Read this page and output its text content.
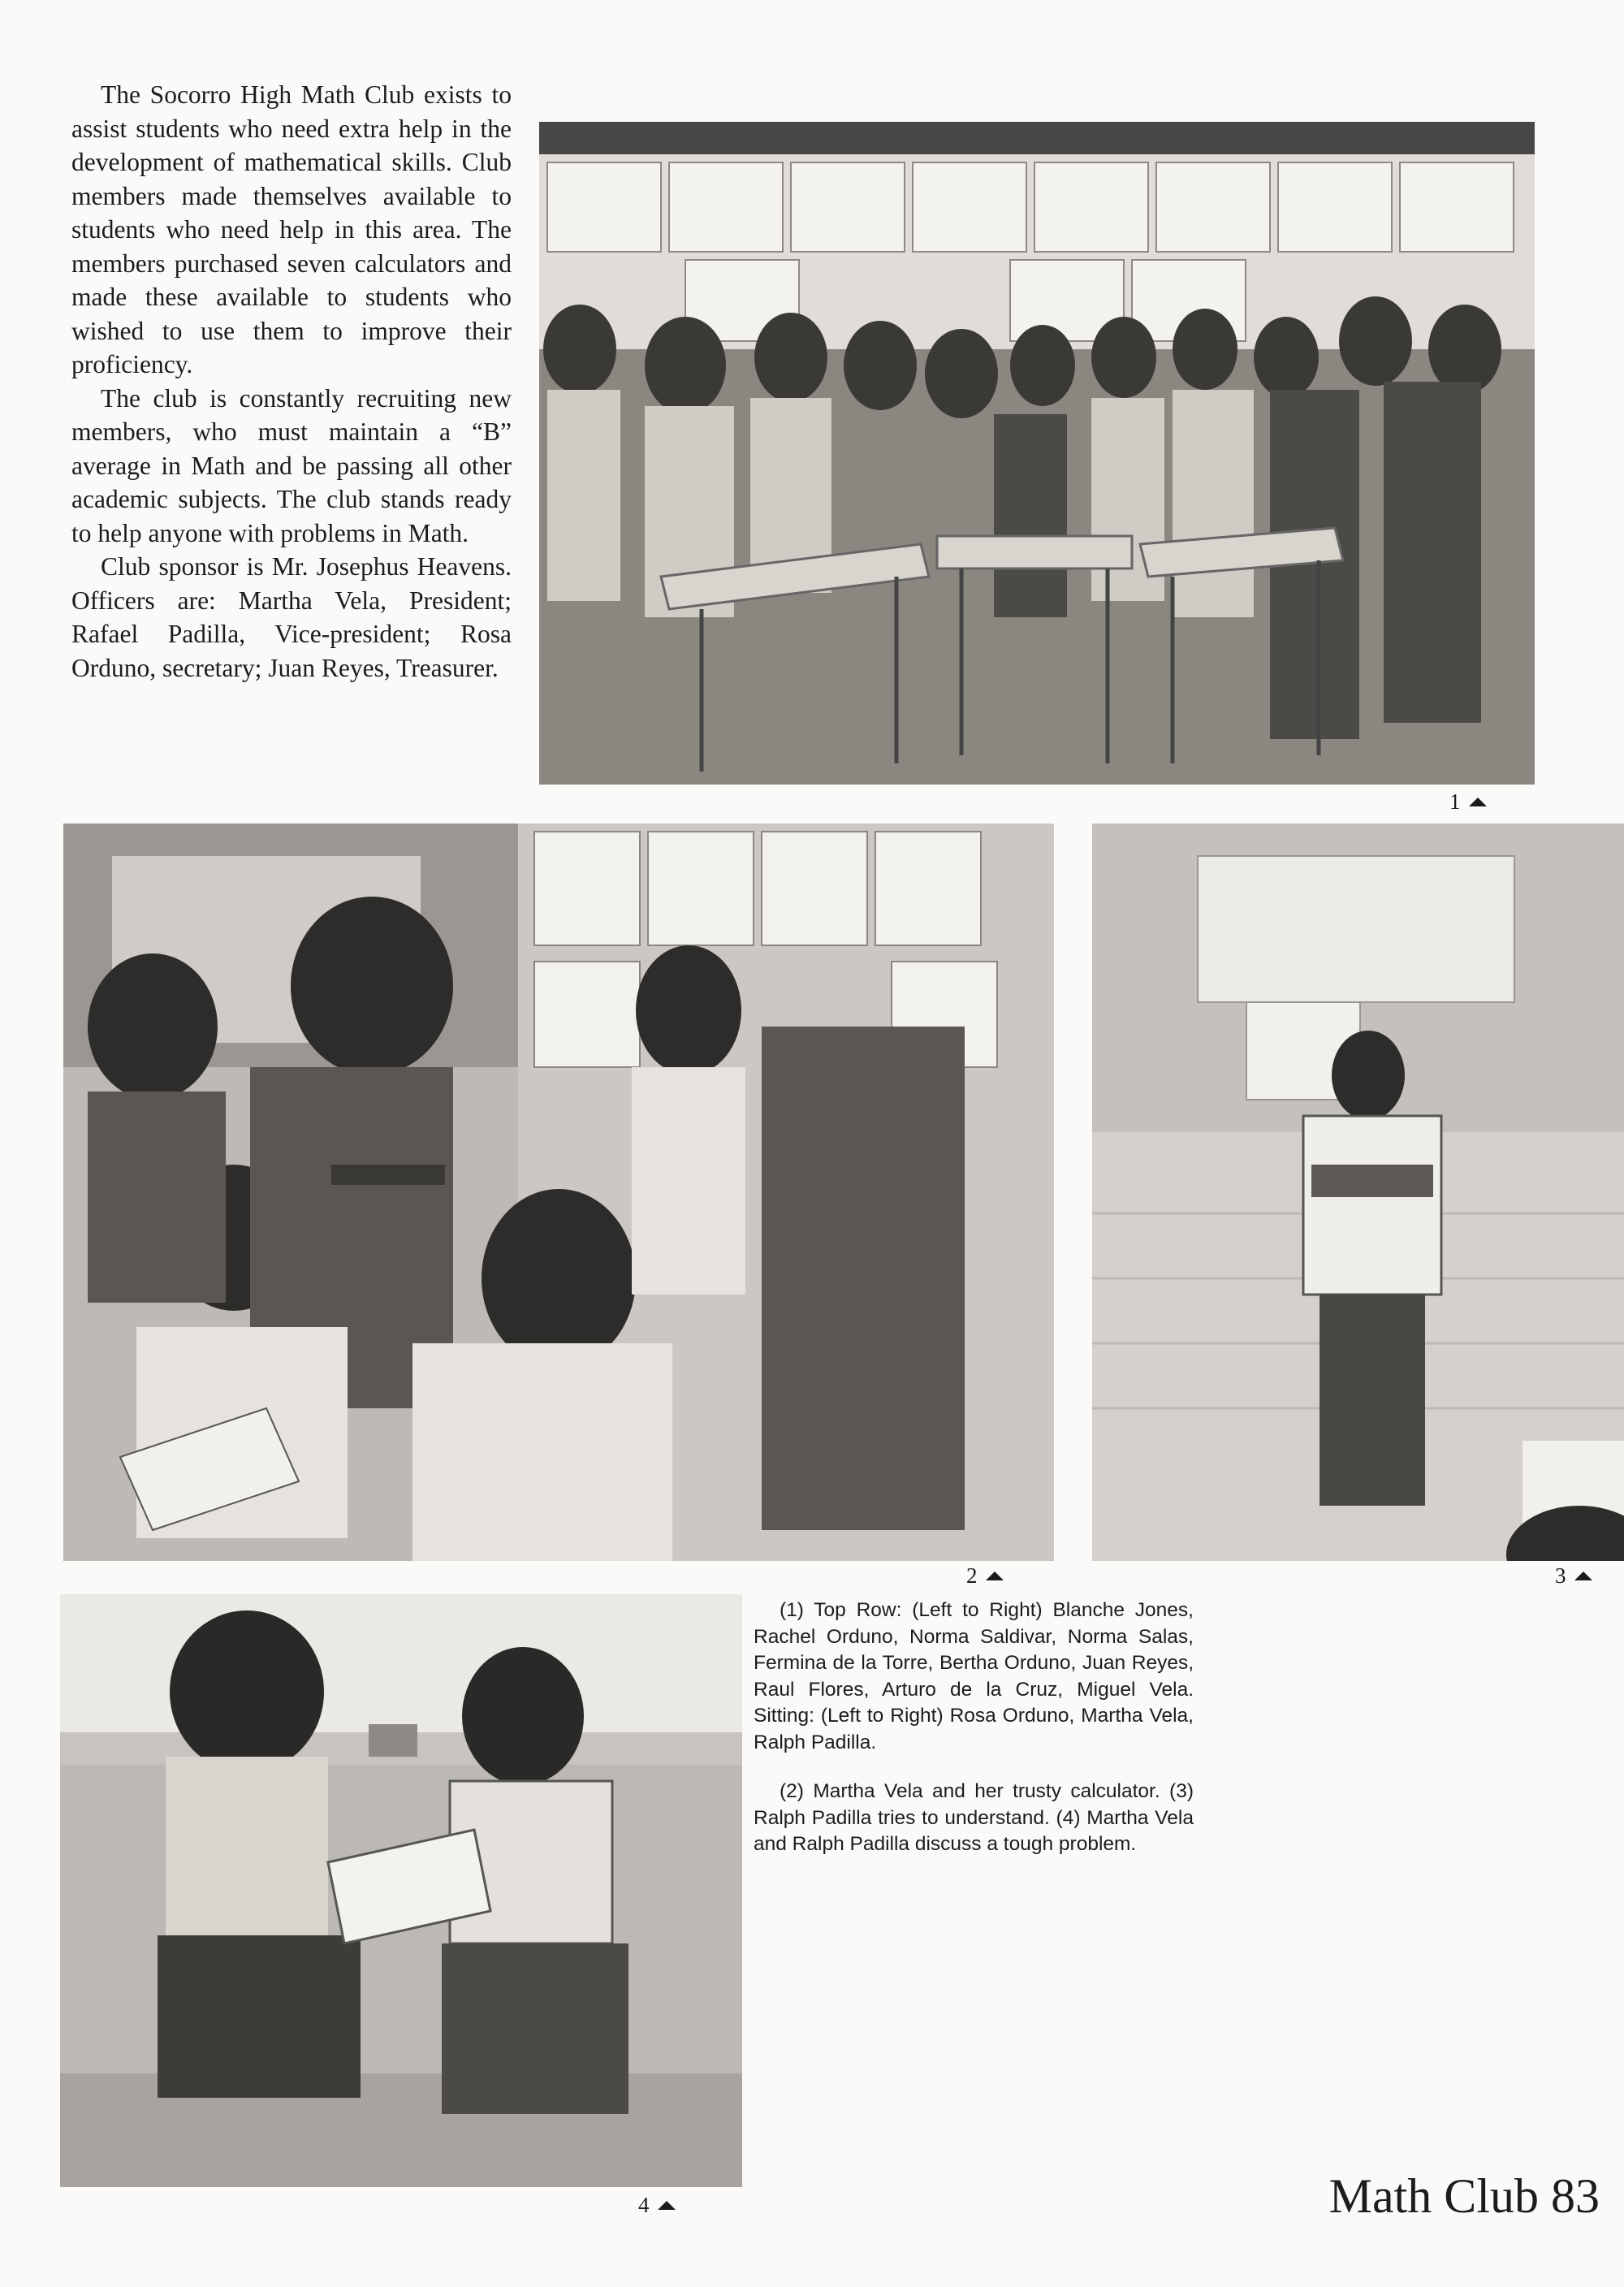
The Socorro High Math Club exists to assist students who need extra help in the development of mathematical skills. Club members made themselves available to students who need help in this area. The members purchased seven calculators and made these available to students who wished to use them to improve their proficiency.

The club is constantly recruiting new members, who must maintain a “B” average in Math and be passing all other academic subjects. The club stands ready to help anyone with problems in Math.

Club sponsor is Mr. Josephus Heavens. Officers are: Martha Vela, President; Rafael Padilla, Vice-president; Rosa Orduno, secretary; Juan Reyes, Treasurer.

1
2	3
4

(1) Top Row: (Left to Right) Blanche Jones, Rachel Orduno, Norma Saldivar, Norma Salas, Fermina de la Torre, Bertha Orduno, Juan Reyes, Raul Flores, Arturo de la Cruz, Miguel Vela. Sitting: (Left to Right) Rosa Orduno, Martha Vela, Ralph Padilla.

(2) Martha Vela and her trusty calculator. (3) Ralph Padilla tries to understand. (4) Martha Vela and Ralph Padilla discuss a tough problem.

Math Club 83
